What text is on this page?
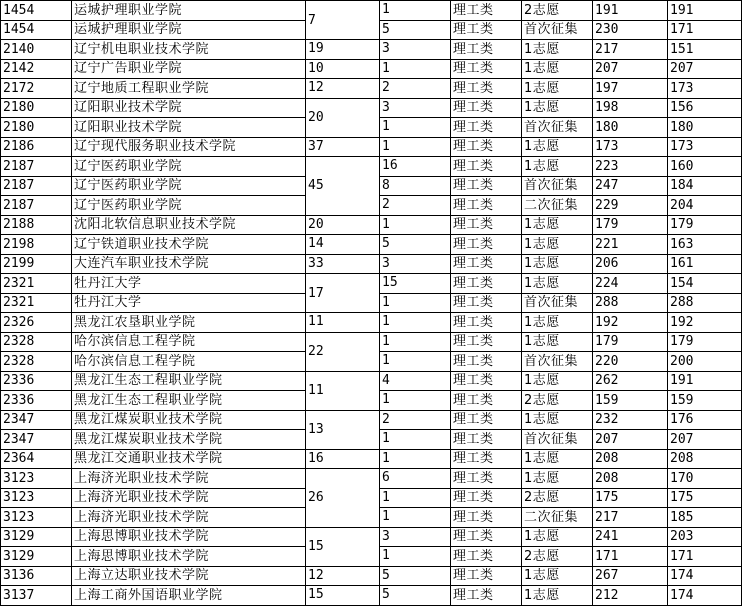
1454	运城护理职业学院	7	1	理工类	2志愿	191	191
1454	运城护理职业学院		5	理工类	首次征集	230	171
2140	辽宁机电职业技术学院	19	3	理工类	1志愿	217	151
2142	辽宁广告职业学院	10	1	理工类	1志愿	207	207
2172	辽宁地质工程职业学院	12	2	理工类	1志愿	197	173
2180	辽阳职业技术学院	20	3	理工类	1志愿	198	156
2180	辽阳职业技术学院		1	理工类	首次征集	180	180
2186	辽宁现代服务职业技术学院	37	1	理工类	1志愿	173	173
2187	辽宁医药职业学院	45	16	理工类	1志愿	223	160
2187	辽宁医药职业学院		8	理工类	首次征集	247	184
2187	辽宁医药职业学院		2	理工类	二次征集	229	204
2188	沈阳北软信息职业技术学院	20	1	理工类	1志愿	179	179
2198	辽宁铁道职业技术学院	14	5	理工类	1志愿	221	163
2199	大连汽车职业技术学院	33	3	理工类	1志愿	206	161
2321	牡丹江大学	17	15	理工类	1志愿	224	154
2321	牡丹江大学		1	理工类	首次征集	288	288
2326	黑龙江农垦职业学院	11	1	理工类	1志愿	192	192
2328	哈尔滨信息工程学院	22	1	理工类	1志愿	179	179
2328	哈尔滨信息工程学院		1	理工类	首次征集	220	200
2336	黑龙江生态工程职业学院	11	4	理工类	1志愿	262	191
2336	黑龙江生态工程职业学院		1	理工类	2志愿	159	159
2347	黑龙江煤炭职业技术学院	13	2	理工类	1志愿	232	176
2347	黑龙江煤炭职业技术学院		1	理工类	首次征集	207	207
2364	黑龙江交通职业技术学院	16	1	理工类	1志愿	208	208
3123	上海济光职业技术学院	26	6	理工类	1志愿	208	170
3123	上海济光职业技术学院		1	理工类	2志愿	175	175
3123	上海济光职业技术学院		1	理工类	二次征集	217	185
3129	上海思博职业技术学院	15	3	理工类	1志愿	241	203
3129	上海思博职业技术学院		1	理工类	2志愿	171	171
3136	上海立达职业技术学院	12	5	理工类	1志愿	267	174
3137	上海工商外国语职业学院	15	5	理工类	1志愿	212	174
